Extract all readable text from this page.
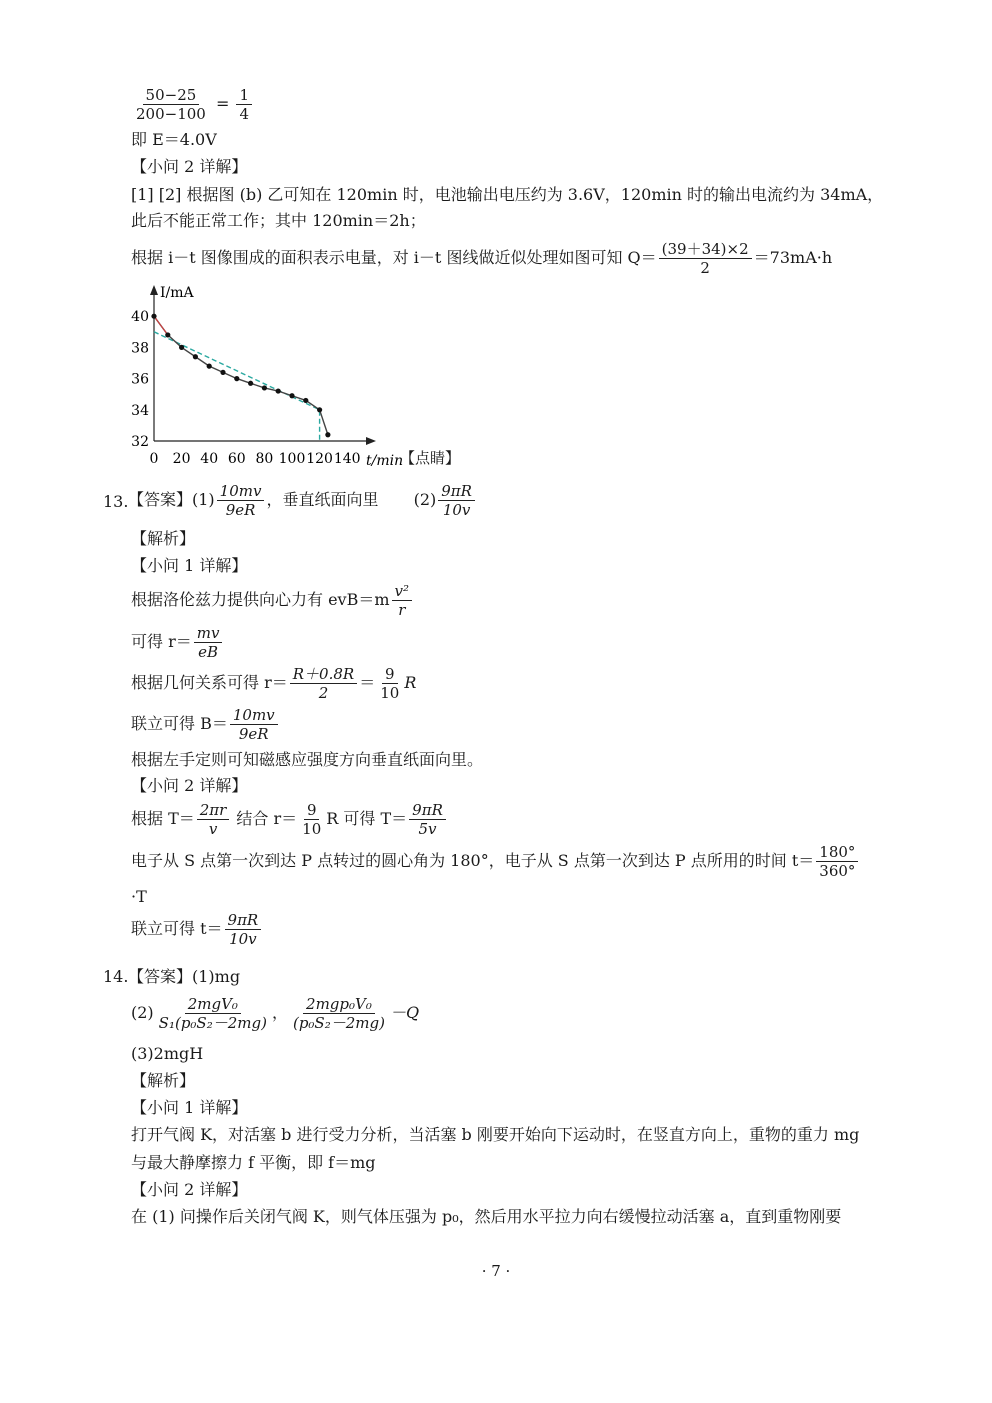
$\frac{50-25}{200-100} = \frac{1}{4}$
即 E＝4.0V
【小问 2 详解】
[1] [2] 根据图 (b) 乙可知在 120min 时，电池输出电压约为 3.6V，120min 时的输出电流约为 34mA，
此后不能正常工作；其中 120min＝2h；
根据 i－t 图像围成的面积表示电量，对 i－t 图线做近似处理如图可知 $Q= \frac{(39+34)\times 2}{2} =73mA\cdot h$
32
34
36
38
40
0 20 40 60 80 100 120 140
I/mA
t/min
【点睛】
13. 【答案】$(1) \frac{10mv}{9eR}$ ，垂直纸面向里 $(2) \frac{9\pi R}{10v}$
【解析】
【小问 1 详解】
根据洛伦兹力提供向心力有 $evB=m \frac{\text{v²}}{r}$
可得 $r= \frac{mv}{eB}$
根据几何关系可得 $r= \frac{R+0.8R}{2} = \frac{9}{10}$ R
联立可得 $B= \frac{10mv}{9eR}$
根据左手定则可知磁感应强度方向垂直纸面向里。
【小问 2 详解】
根据 $T= \frac{2\pi r}{v}$ 结合 $r= \frac{9}{10}$ R 可得 $T= \frac{9\pi R}{5v}$
电子从 S 点第一次到达 P 点转过的圆心角为 180°，电子从 S 点第一次到达 P 点所用的时间 $t= \frac{180^\circ}{360^\circ}$
·T
联立可得 $t= \frac{9\pi R}{10v}$
14. 【答案】(1)mg
$(2) \frac{\text{2mgV₀}}{\text{S₁(p₀S₂－2mg)}}$ ， $\frac{\text{2mgp₀V₀}}{\text{(p₀S₂－2mg)}} -Q$
(3)2mgH
【解析】
【小问 1 详解】
打开气阀 K，对活塞 b 进行受力分析，当活塞 b 刚要开始向下运动时，在竖直方向上，重物的重力 mg
与最大静摩擦力 f 平衡，即 f＝mg
【小问 2 详解】
在 (1) 问操作后关闭气阀 K，则气体压强为 p₀，然后用水平拉力向右缓慢拉动活塞 a，直到重物刚要
· 7 ·
